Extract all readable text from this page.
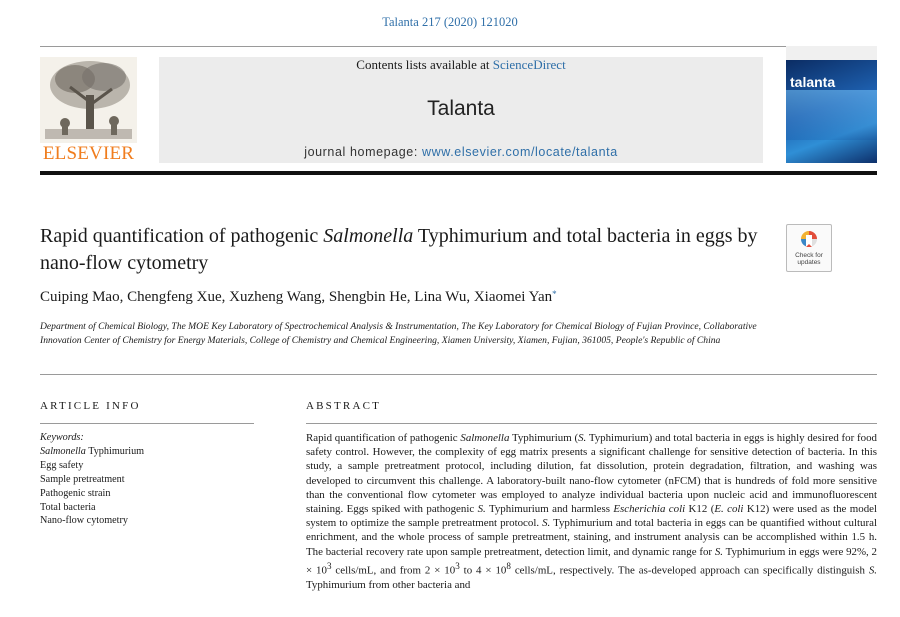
Talanta 217 (2020) 121020
ELSEVIER
Contents lists available at ScienceDirect
Talanta
journal homepage: www.elsevier.com/locate/talanta
talanta
Rapid quantification of pathogenic Salmonella Typhimurium and total bacteria in eggs by nano-flow cytometry	Check for updates
Cuiping Mao, Chengfeng Xue, Xuzheng Wang, Shengbin He, Lina Wu, Xiaomei Yan*
Department of Chemical Biology, The MOE Key Laboratory of Spectrochemical Analysis & Instrumentation, The Key Laboratory for Chemical Biology of Fujian Province, Collaborative Innovation Center of Chemistry for Energy Materials, College of Chemistry and Chemical Engineering, Xiamen University, Xiamen, Fujian, 361005, People's Republic of China
ARTICLE INFO	ABSTRACT
Keywords:
Salmonella Typhimurium
Egg safety
Sample pretreatment
Pathogenic strain
Total bacteria
Nano-flow cytometry
Rapid quantification of pathogenic Salmonella Typhimurium (S. Typhimurium) and total bacteria in eggs is highly desired for food safety control. However, the complexity of egg matrix presents a significant challenge for sensitive detection of bacteria. In this study, a sample pretreatment protocol, including dilution, fat dissolution, protein degradation, filtration, and washing was developed to circumvent this challenge. A laboratory-built nano-flow cytometer (nFCM) that is hundreds of fold more sensitive than the conventional flow cytometer was employed to analyze individual bacteria upon nucleic acid and immunofluorescent staining. Eggs spiked with pathogenic S. Typhimurium and harmless Escherichia coli K12 (E. coli K12) were used as the model system to optimize the sample pretreatment protocol. S. Typhimurium and total bacteria in eggs can be quantified without cultural enrichment, and the whole process of sample pretreatment, staining, and instrument analysis can be accomplished within 1.5 h. The bacterial recovery rate upon sample pretreatment, detection limit, and dynamic range for S. Typhimurium in eggs were 92%, $2 \times 10^3$ cells/mL, and from $2 \times 10^3$ to $4 \times 10^8$ cells/mL, respectively. The as-developed approach can specifically distinguish S. Typhimurium from other bacteria and
